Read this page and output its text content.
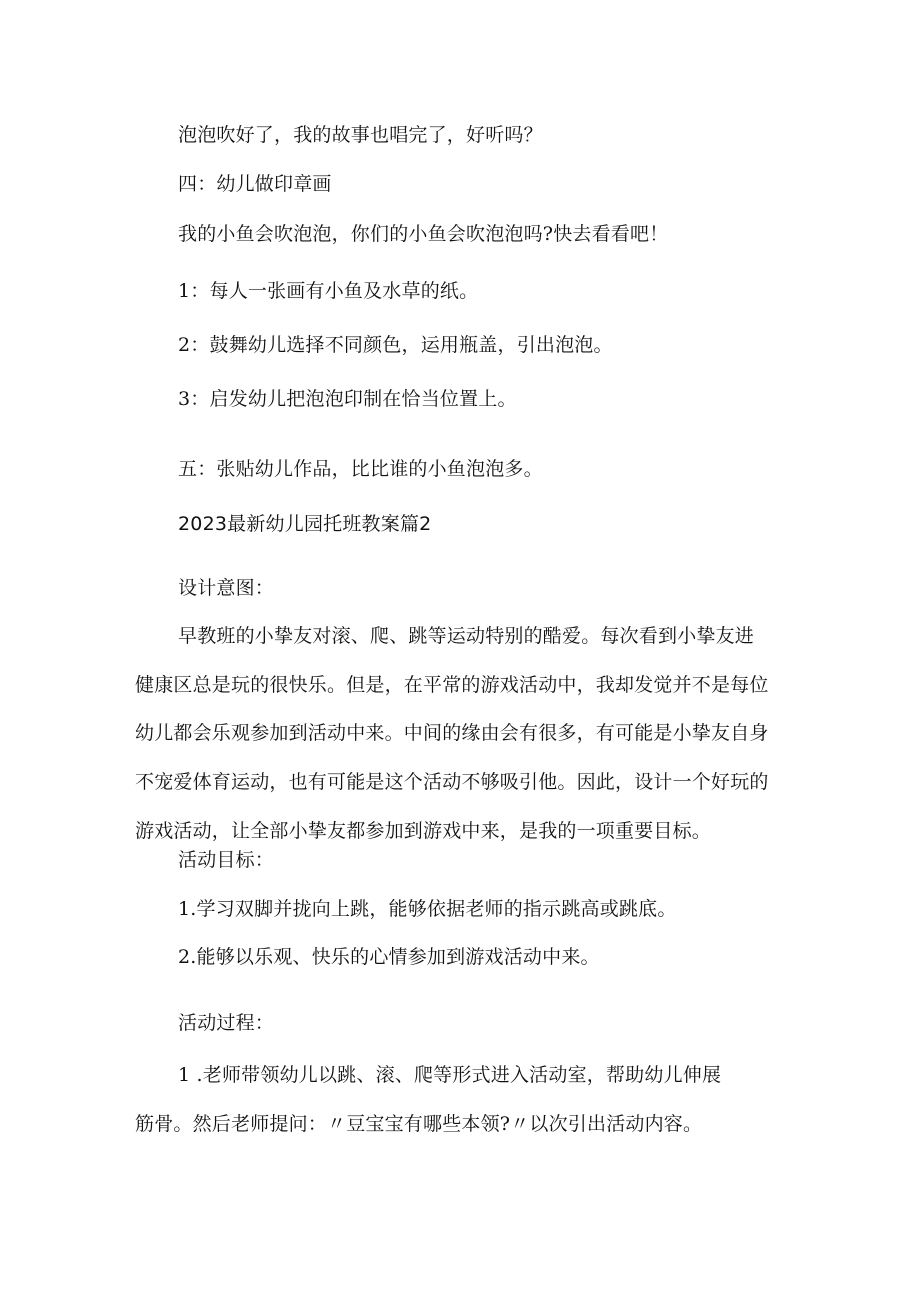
泡泡吹好了，我的故事也唱完了，好听吗？
四：幼儿做印章画
我的小鱼会吹泡泡，你们的小鱼会吹泡泡吗?快去看看吧！
1：每人一张画有小鱼及水草的纸。
2：鼓舞幼儿选择不同颜色，运用瓶盖，引出泡泡。
3：启发幼儿把泡泡印制在恰当位置上。
五：张贴幼儿作品，比比谁的小鱼泡泡多。
2023最新幼儿园托班教案篇2
设计意图：
早教班的小挚友对滚、爬、跳等运动特别的酷爱。每次看到小挚友进
健康区总是玩的很快乐。但是，在平常的游戏活动中，我却发觉并不是每位
幼儿都会乐观参加到活动中来。中间的缘由会有很多，有可能是小挚友自身
不宠爱体育运动，也有可能是这个活动不够吸引他。因此，设计一个好玩的
游戏活动，让全部小挚友都参加到游戏中来，是我的一项重要目标。
活动目标：
1.学习双脚并拢向上跳，能够依据老师的指示跳高或跳底。
2.能够以乐观、快乐的心情参加到游戏活动中来。
活动过程：
1 .老师带领幼儿以跳、滚、爬等形式进入活动室，帮助幼儿伸展
筋骨。然后老师提问：〃豆宝宝有哪些本领?〃以次引出活动内容。
